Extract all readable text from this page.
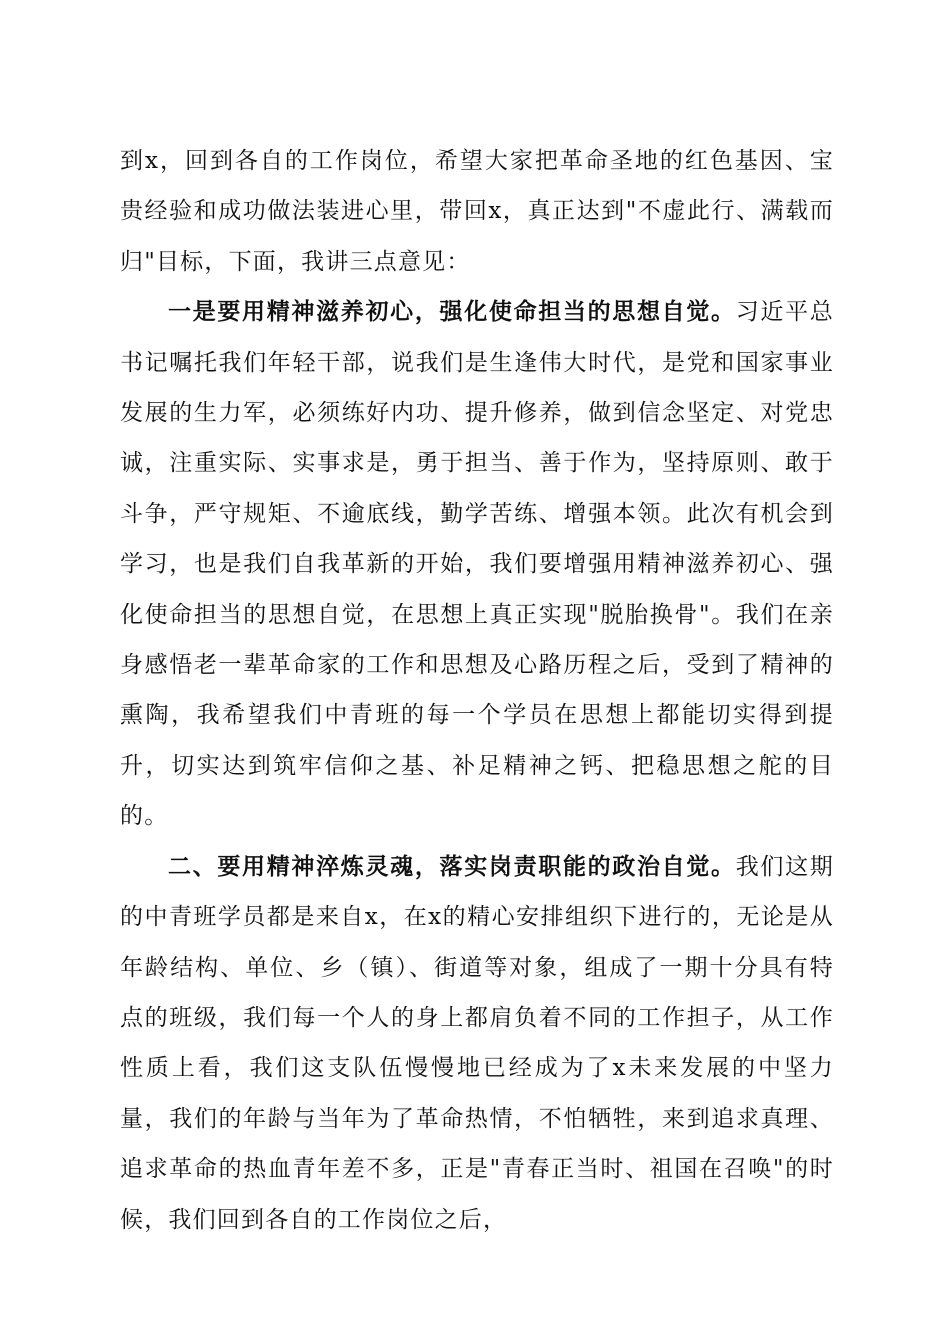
到x，回到各自的工作岗位，希望大家把革命圣地的红色基因、宝贵经验和成功做法装进心里，带回x，真正达到"不虚此行、满载而归"目标，下面，我讲三点意见：

一是要用精神滋养初心，强化使命担当的思想自觉。习近平总书记嘱托我们年轻干部，说我们是生逢伟大时代，是党和国家事业发展的生力军，必须练好内功、提升修养，做到信念坚定、对党忠诚，注重实际、实事求是，勇于担当、善于作为，坚持原则、敢于斗争，严守规矩、不逾底线，勤学苦练、增强本领。此次有机会到学习，也是我们自我革新的开始，我们要增强用精神滋养初心、强化使命担当的思想自觉，在思想上真正实现"脱胎换骨"。我们在亲身感悟老一辈革命家的工作和思想及心路历程之后，受到了精神的熏陶，我希望我们中青班的每一个学员在思想上都能切实得到提升，切实达到筑牢信仰之基、补足精神之钙、把稳思想之舵的目的。

二、要用精神淬炼灵魂，落实岗责职能的政治自觉。我们这期的中青班学员都是来自x，在x的精心安排组织下进行的，无论是从年龄结构、单位、乡（镇）、街道等对象，组成了一期十分具有特点的班级，我们每一个人的身上都肩负着不同的工作担子，从工作性质上看，我们这支队伍慢慢地已经成为了x未来发展的中坚力量，我们的年龄与当年为了革命热情，不怕牺牲，来到追求真理、追求革命的热血青年差不多，正是"青春正当时、祖国在召唤"的时候，我们回到各自的工作岗位之后，
